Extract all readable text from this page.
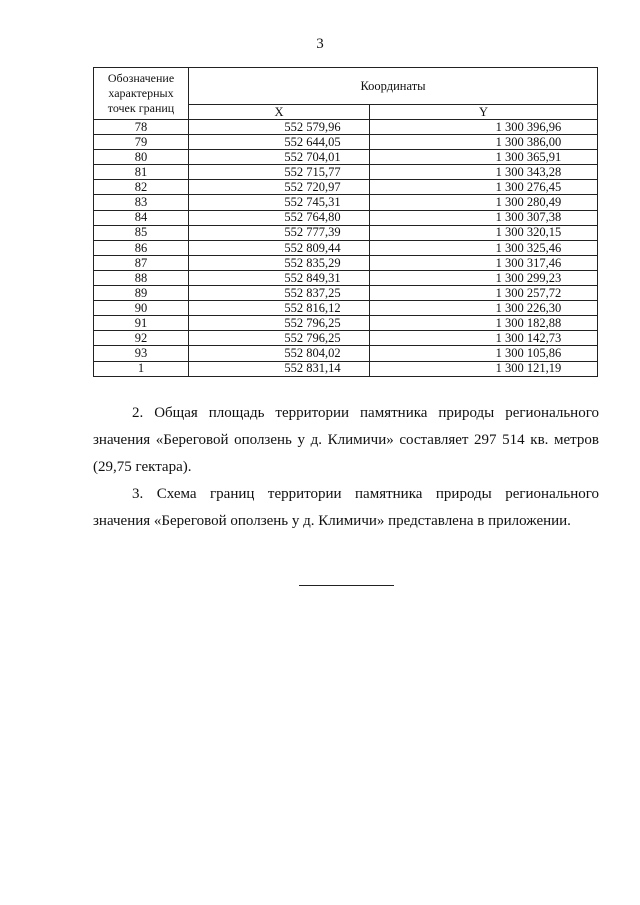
3
Обозначение
характерных
точек границ	Координаты	
	X	Y
78	552 579,96	1 300 396,96
79	552 644,05	1 300 386,00
80	552 704,01	1 300 365,91
81	552 715,77	1 300 343,28
82	552 720,97	1 300 276,45
83	552 745,31	1 300 280,49
84	552 764,80	1 300 307,38
85	552 777,39	1 300 320,15
86	552 809,44	1 300 325,46
87	552 835,29	1 300 317,46
88	552 849,31	1 300 299,23
89	552 837,25	1 300 257,72
90	552 816,12	1 300 226,30
91	552 796,25	1 300 182,88
92	552 796,25	1 300 142,73
93	552 804,02	1 300 105,86
1	552 831,14	1 300 121,19
2. Общая площадь территории памятника природы регионального
значения «Береговой оползень у д. Климичи» составляет 297 514 кв. метров
(29,75 гектара).
3. Схема границ территории памятника природы регионального
значения «Береговой оползень у д. Климичи» представлена в приложении.
